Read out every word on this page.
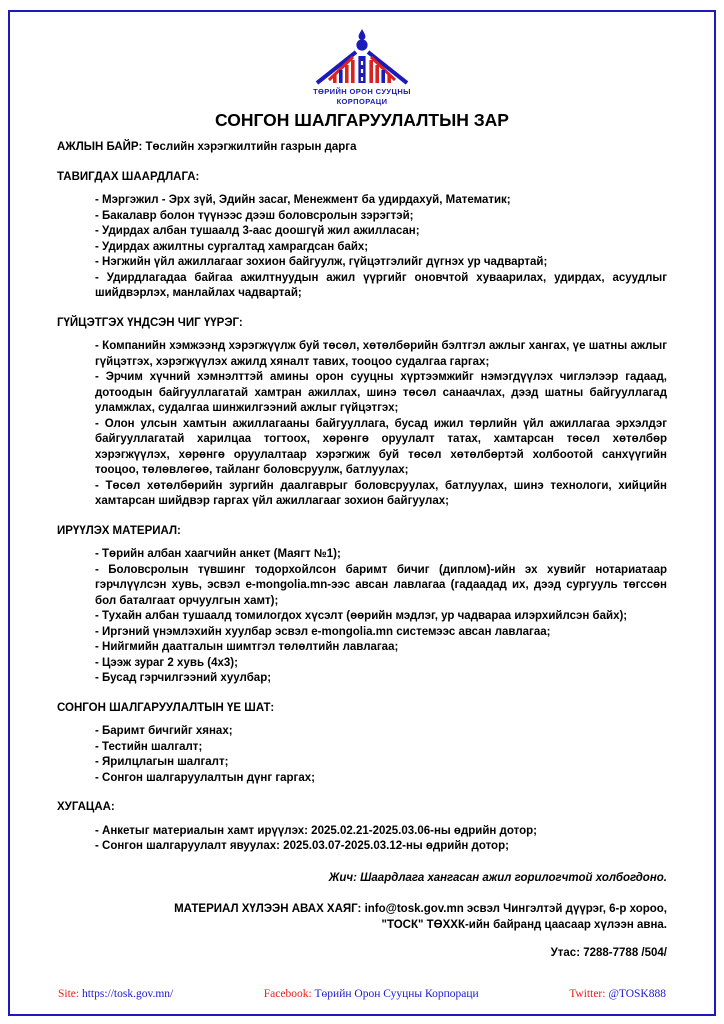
ТӨРИЙН ОРОН СУУЦНЫ
КОРПОРАЦИ
СОНГОН ШАЛГАРУУЛАЛТЫН ЗАР

АЖЛЫН БАЙР: Төслийн хэрэгжилтийн газрын дарга

ТАВИГДАХ ШААРДЛАГА:

- Мэргэжил - Эрх зүй, Эдийн засаг, Менежмент ба удирдахуй, Математик;

- Бакалавр болон түүнээс дээш боловсролын зэрэгтэй;

- Удирдах албан тушаалд 3-аас доошгүй жил ажилласан;

- Удирдах ажилтны сургалтад хамрагдсан байх;

- Нэгжийн үйл ажиллагааг зохион байгуулж, гүйцэтгэлийг дүгнэх ур чадвартай;

- Удирдлагадаа байгаа ажилтнуудын ажил үүргийг оновчтой хуваарилах, удирдах, асуудлыг шийдвэрлэх, манлайлах чадвартай;

ГҮЙЦЭТГЭХ ҮНДСЭН ЧИГ ҮҮРЭГ:

- Компанийн хэмжээнд хэрэгжүүлж буй төсөл, хөтөлбөрийн бэлтгэл ажлыг хангах, үе шатны ажлыг гүйцэтгэх, хэрэгжүүлэх ажилд хяналт тавих, тооцоо судалгаа гаргах;

- Эрчим хүчний хэмнэлттэй амины орон сууцны хүртээмжийг нэмэгдүүлэх чиглэлээр гадаад, дотоодын байгууллагатай хамтран ажиллах, шинэ төсөл санаачлах, дээд шатны байгууллагад уламжлах, судалгаа шинжилгээний ажлыг гүйцэтгэх;

- Олон улсын хамтын ажиллагааны байгууллага, бусад ижил төрлийн үйл ажиллагаа эрхэлдэг байгууллагатай харилцаа тогтоох, хөрөнгө оруулалт татах, хамтарсан төсөл хөтөлбөр хэрэгжүүлэх, хөрөнгө оруулалтаар хэрэгжиж буй төсөл хөтөлбөртэй холбоотой санхүүгийн тооцоо, төлөвлөгөө, тайланг боловсруулж, батлуулах;

- Төсөл хөтөлбөрийн зургийн даалгаврыг боловсруулах, батлуулах, шинэ технологи, хийцийн хамтарсан шийдвэр гаргах үйл ажиллагааг зохион байгуулах;

ИРҮҮЛЭХ МАТЕРИАЛ:

- Төрийн албан хаагчийн анкет (Маягт №1);

- Боловсролын түвшинг тодорхойлсон баримт бичиг (диплом)-ийн эх хувийг нотариатаар гэрчлүүлсэн хувь, эсвэл e-mongolia.mn-ээс авсан лавлагаа (гадаадад их, дээд сургууль төгссөн бол баталгаат орчуулгын хамт);

- Тухайн албан тушаалд томилогдох хүсэлт (өөрийн мэдлэг, ур чадвараа илэрхийлсэн байх);

- Иргэний үнэмлэхийн хуулбар эсвэл e-mongolia.mn системээс авсан лавлагаа;

- Нийгмийн даатгалын шимтгэл төлөлтийн лавлагаа;

- Цээж зураг 2 хувь (4x3);

- Бусад гэрчилгээний хуулбар;

СОНГОН ШАЛГАРУУЛАЛТЫН ҮЕ ШАТ:

- Баримт бичгийг хянах;

- Тестийн шалгалт;

- Ярилцлагын шалгалт;

- Сонгон шалгаруулалтын дүнг гаргах;

ХУГАЦАА:

- Анкетыг материалын хамт ирүүлэх: 2025.02.21-2025.03.06-ны өдрийн дотор;

- Сонгон шалгаруулалт явуулах: 2025.03.07-2025.03.12-ны өдрийн дотор;

Жич: Шаардлага хангасан ажил горилогчтой холбогдоно.

МАТЕРИАЛ ХҮЛЭЭН АВАХ ХАЯГ: info@tosk.gov.mn эсвэл Чингэлтэй дүүрэг, 6-р хороо,

"ТОСК" ТӨХХК-ийн байранд цаасаар хүлээн авна.

Утас: 7288-7788 /504/
Site: https://tosk.gov.mn/	Facebook: Төрийн Орон Сууцны Корпораци	Twitter: @TOSK888
